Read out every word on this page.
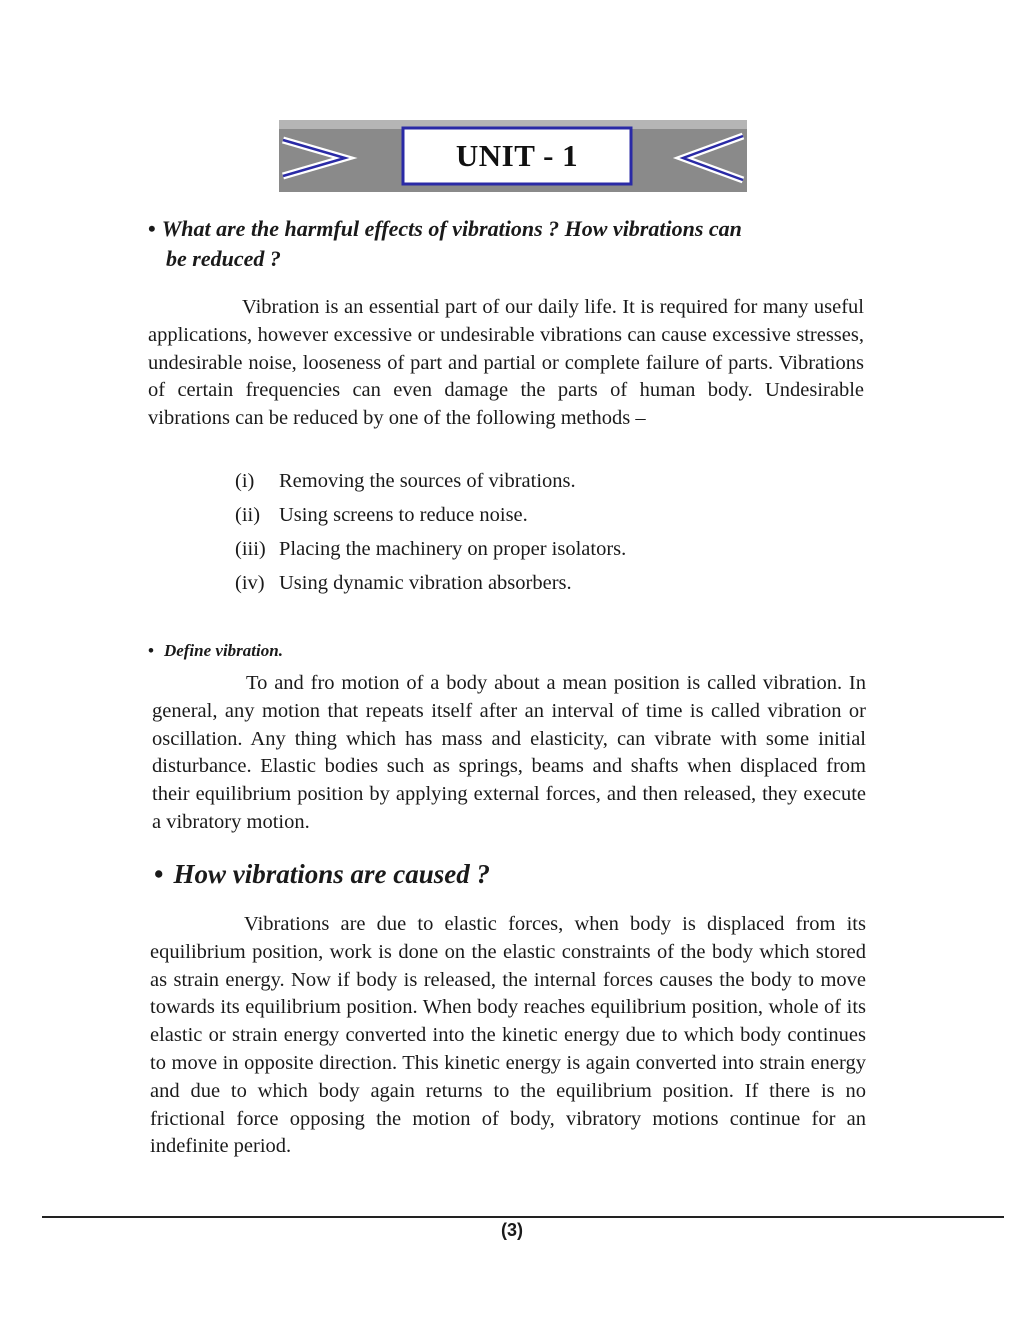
UNIT - 1
• What are the harmful effects of vibrations ? How vibrations can
be reduced ?

Vibration is an essential part of our daily life. It is required for many useful applications, however excessive or undesirable vibrations can cause excessive stresses, undesirable noise, looseness of part and partial or complete failure of parts. Vibrations of certain frequencies can even damage the parts of human body. Undesirable vibrations can be reduced by one of the following methods –

(i)	Removing the sources of vibrations.
(ii) Using screens to reduce noise.
(iii) Placing the machinery on proper isolators.
(iv) Using dynamic vibration absorbers.
• Define vibration.

To and fro motion of a body about a mean position is called vibration. In general, any motion that repeats itself after an interval of time is called vibration or oscillation. Any thing which has mass and elasticity, can vibrate with some initial disturbance. Elastic bodies such as springs, beams and shafts when displaced from their equilibrium position by applying external forces, and then released, they execute a vibratory motion.

• How vibrations are caused ?

Vibrations are due to elastic forces, when body is displaced from its equilibrium position, work is done on the elastic constraints of the body which stored as strain energy. Now if body is released, the internal forces causes the body to move towards its equilibrium position. When body reaches equilibrium position, whole of its elastic or strain energy converted into the kinetic energy due to which body continues to move in opposite direction. This kinetic energy is again converted into strain energy and due to which body again returns to the equilibrium position. If there is no frictional force opposing the motion of body, vibratory motions continue for an indefinite period.

(3)
